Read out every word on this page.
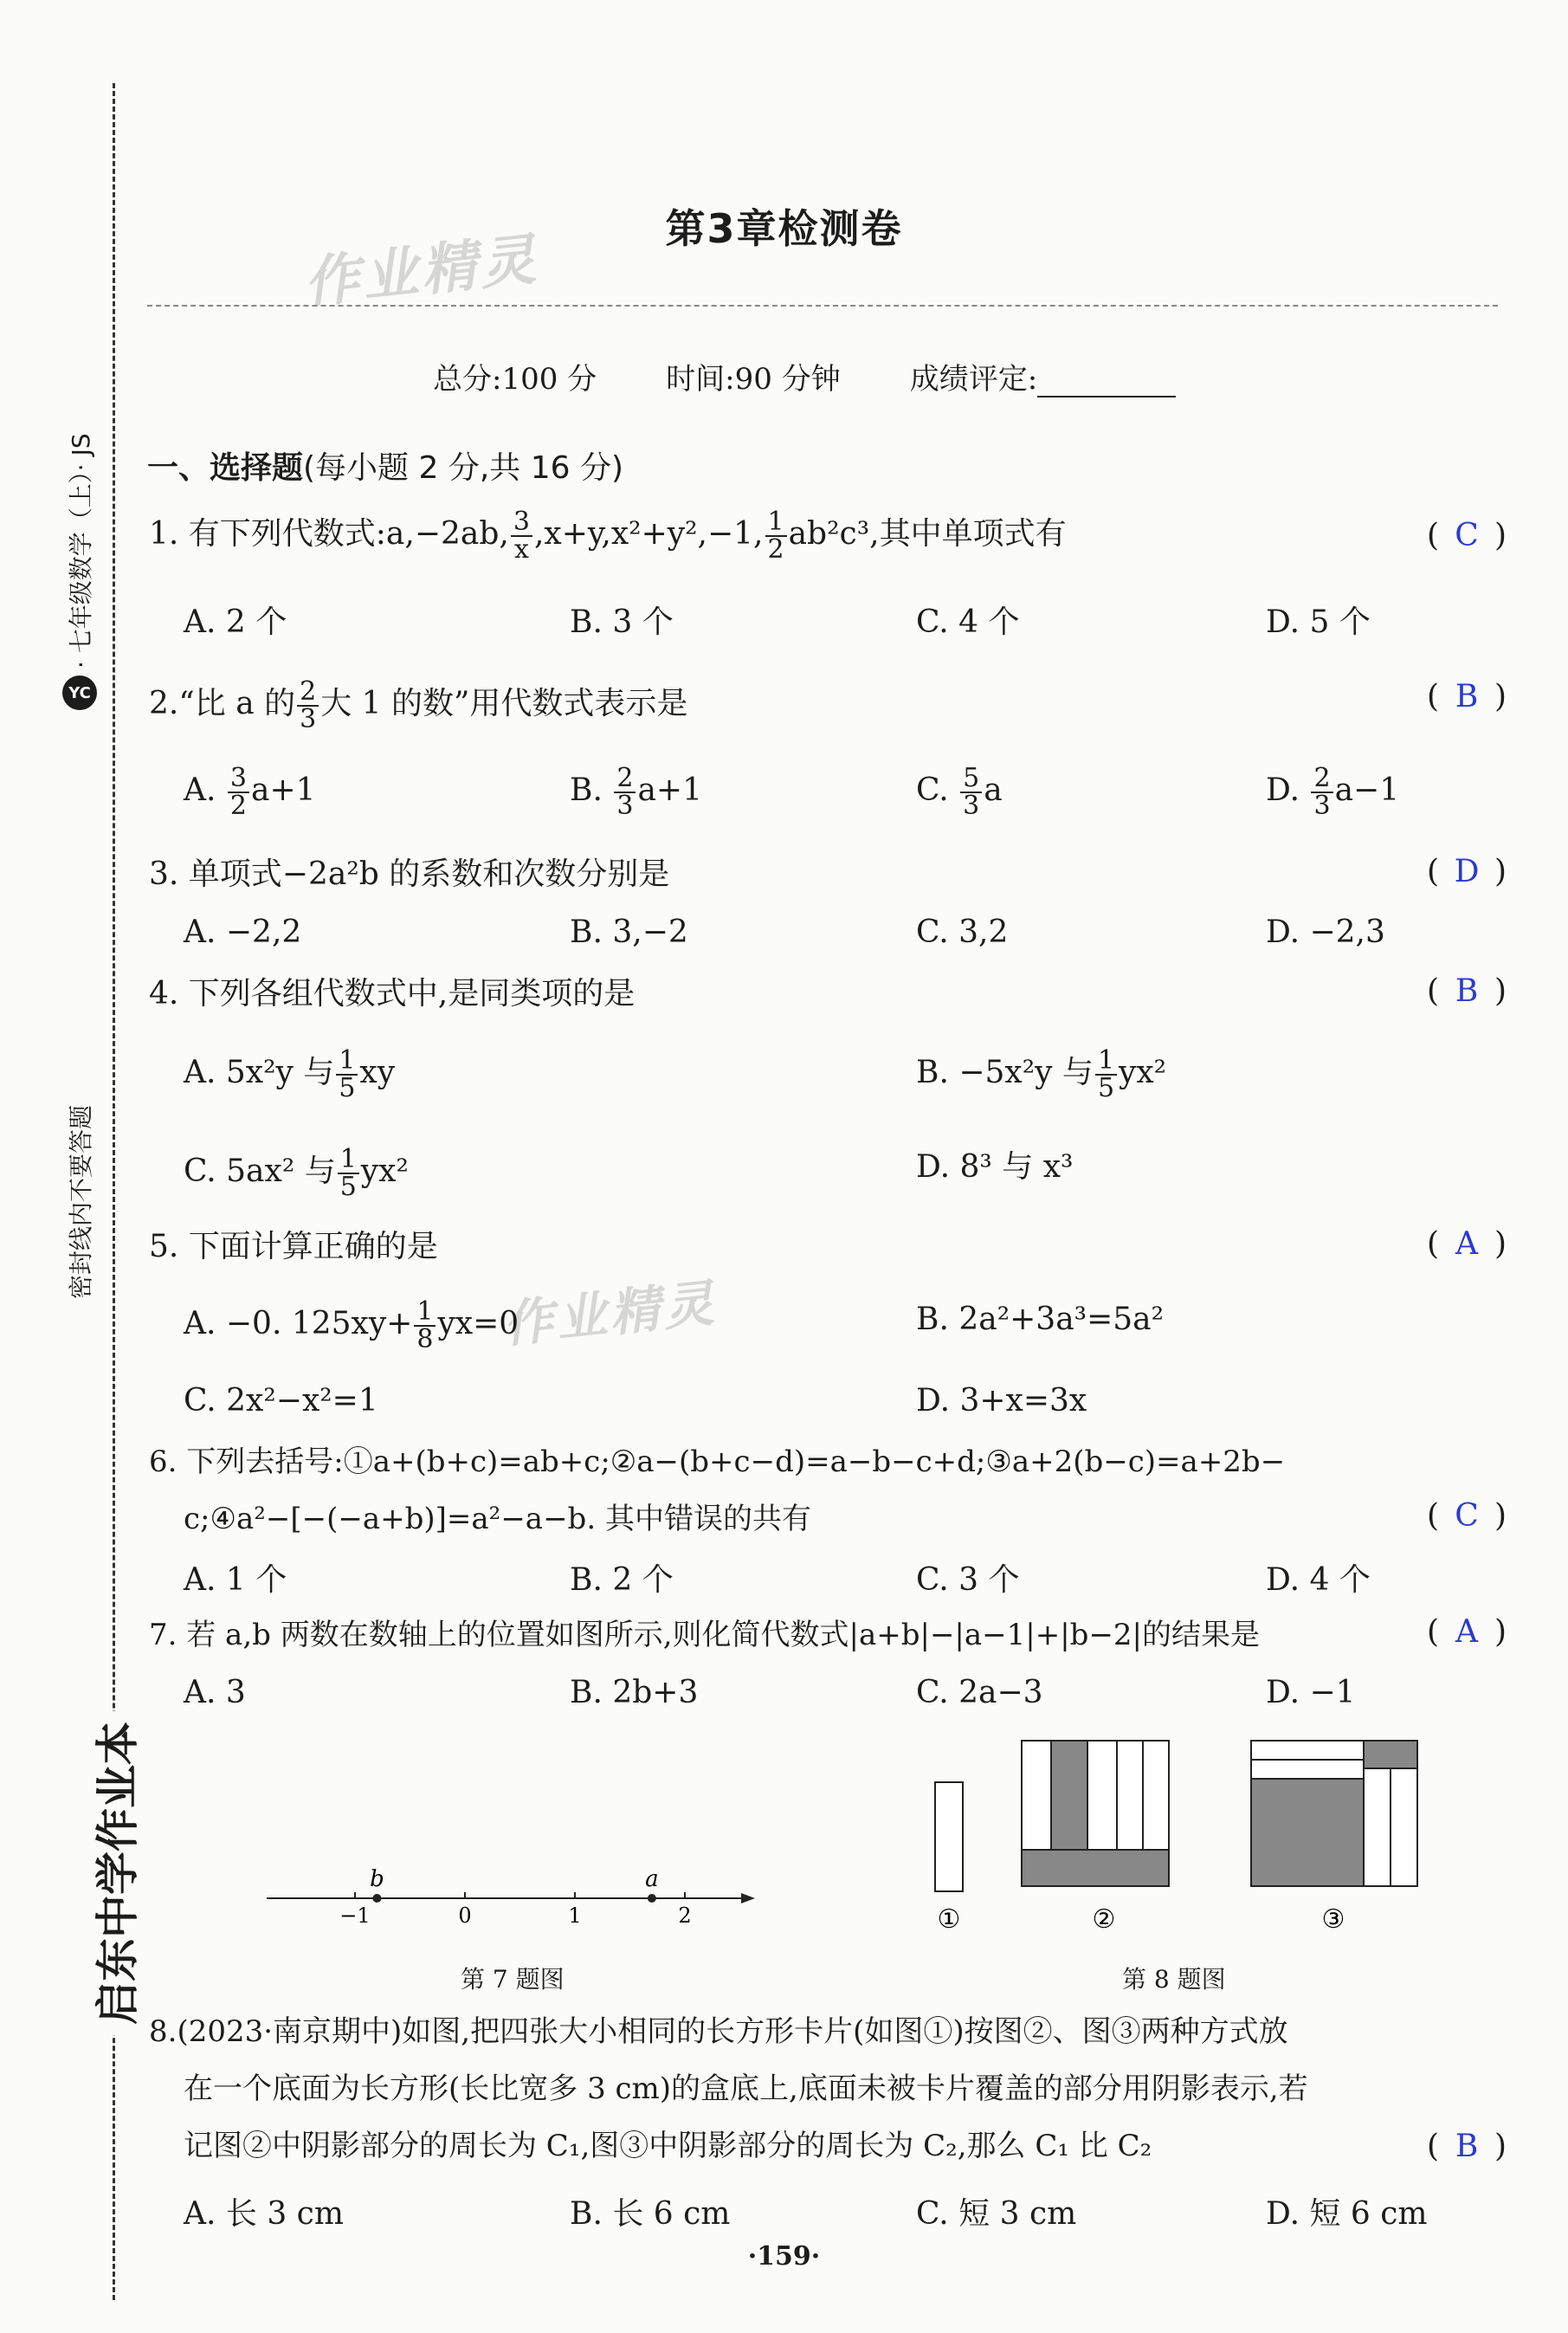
启东中学作业本
密封线内不要答题
YC
· 七年级数学（上）· JS
作业精灵
作业精灵
第3章检测卷
总分:100 分 时间:90 分钟 成绩评定:
一、选择题(每小题 2 分,共 16 分)
1. 有下列代数式:a,−2ab, $\frac{3}{x} ,x+y,x^2+y^2,-1$, $\frac{1}{2} ab^2c^3$,其中单项式有	( C )
A. 2 个	B. 3 个	C. 4 个	D. 5 个
2.“比 a 的 $\frac{2}{3}$ 大 1 的数”用代数式表示是	( B )
A. $\frac{3}{2} a+1$	B. $\frac{2}{3} a+1$	C. $\frac{5}{3}$ a	D. $\frac{2}{3} a-1$
3. 单项式−2a²b 的系数和次数分别是	( D )
A. −2,2	B. 3,−2	C. 3,2	D. −2,3
4. 下列各组代数式中,是同类项的是	( B )
A. 5x²y 与 $\frac{1}{5}$ xy	B. −5x²y 与 $\frac{1}{5} yx^2$
C. 5ax² 与 $\frac{1}{5} yx^2$	D. 8³ 与 x³
5. 下面计算正确的是	( A )
A. −0. $125xy+ \frac{1}{8} yx=0$	B. 2a²+3a³=5a²
C. 2x²−x²=1	D. 3+x=3x
6. 下列去括号:①a+(b+c)=ab+c;②a−(b+c−d)=a−b−c+d;③a+2(b−c)=a+2b−
c;④a²−[−(−a+b)]=a²−a−b. 其中错误的共有	( C )
A. 1 个	B. 2 个	C. 3 个	D. 4 个
7. 若 a,b 两数在数轴上的位置如图所示,则化简代数式|a+b|−|a−1|+|b−2|的结果是	( A )
A. 3	B. 2b+3	C. 2a−3	D. −1
−1	0	1	2
b	a
第 7 题图
①	②	③
第 8 题图
8.(2023·南京期中)如图,把四张大小相同的长方形卡片(如图①)按图②、图③两种方式放
在一个底面为长方形(长比宽多 3 cm)的盒底上,底面未被卡片覆盖的部分用阴影表示,若
记图②中阴影部分的周长为 C₁,图③中阴影部分的周长为 C₂,那么 C₁ 比 C₂	( B )
A. 长 3 cm	B. 长 6 cm	C. 短 3 cm	D. 短 6 cm
·159·
